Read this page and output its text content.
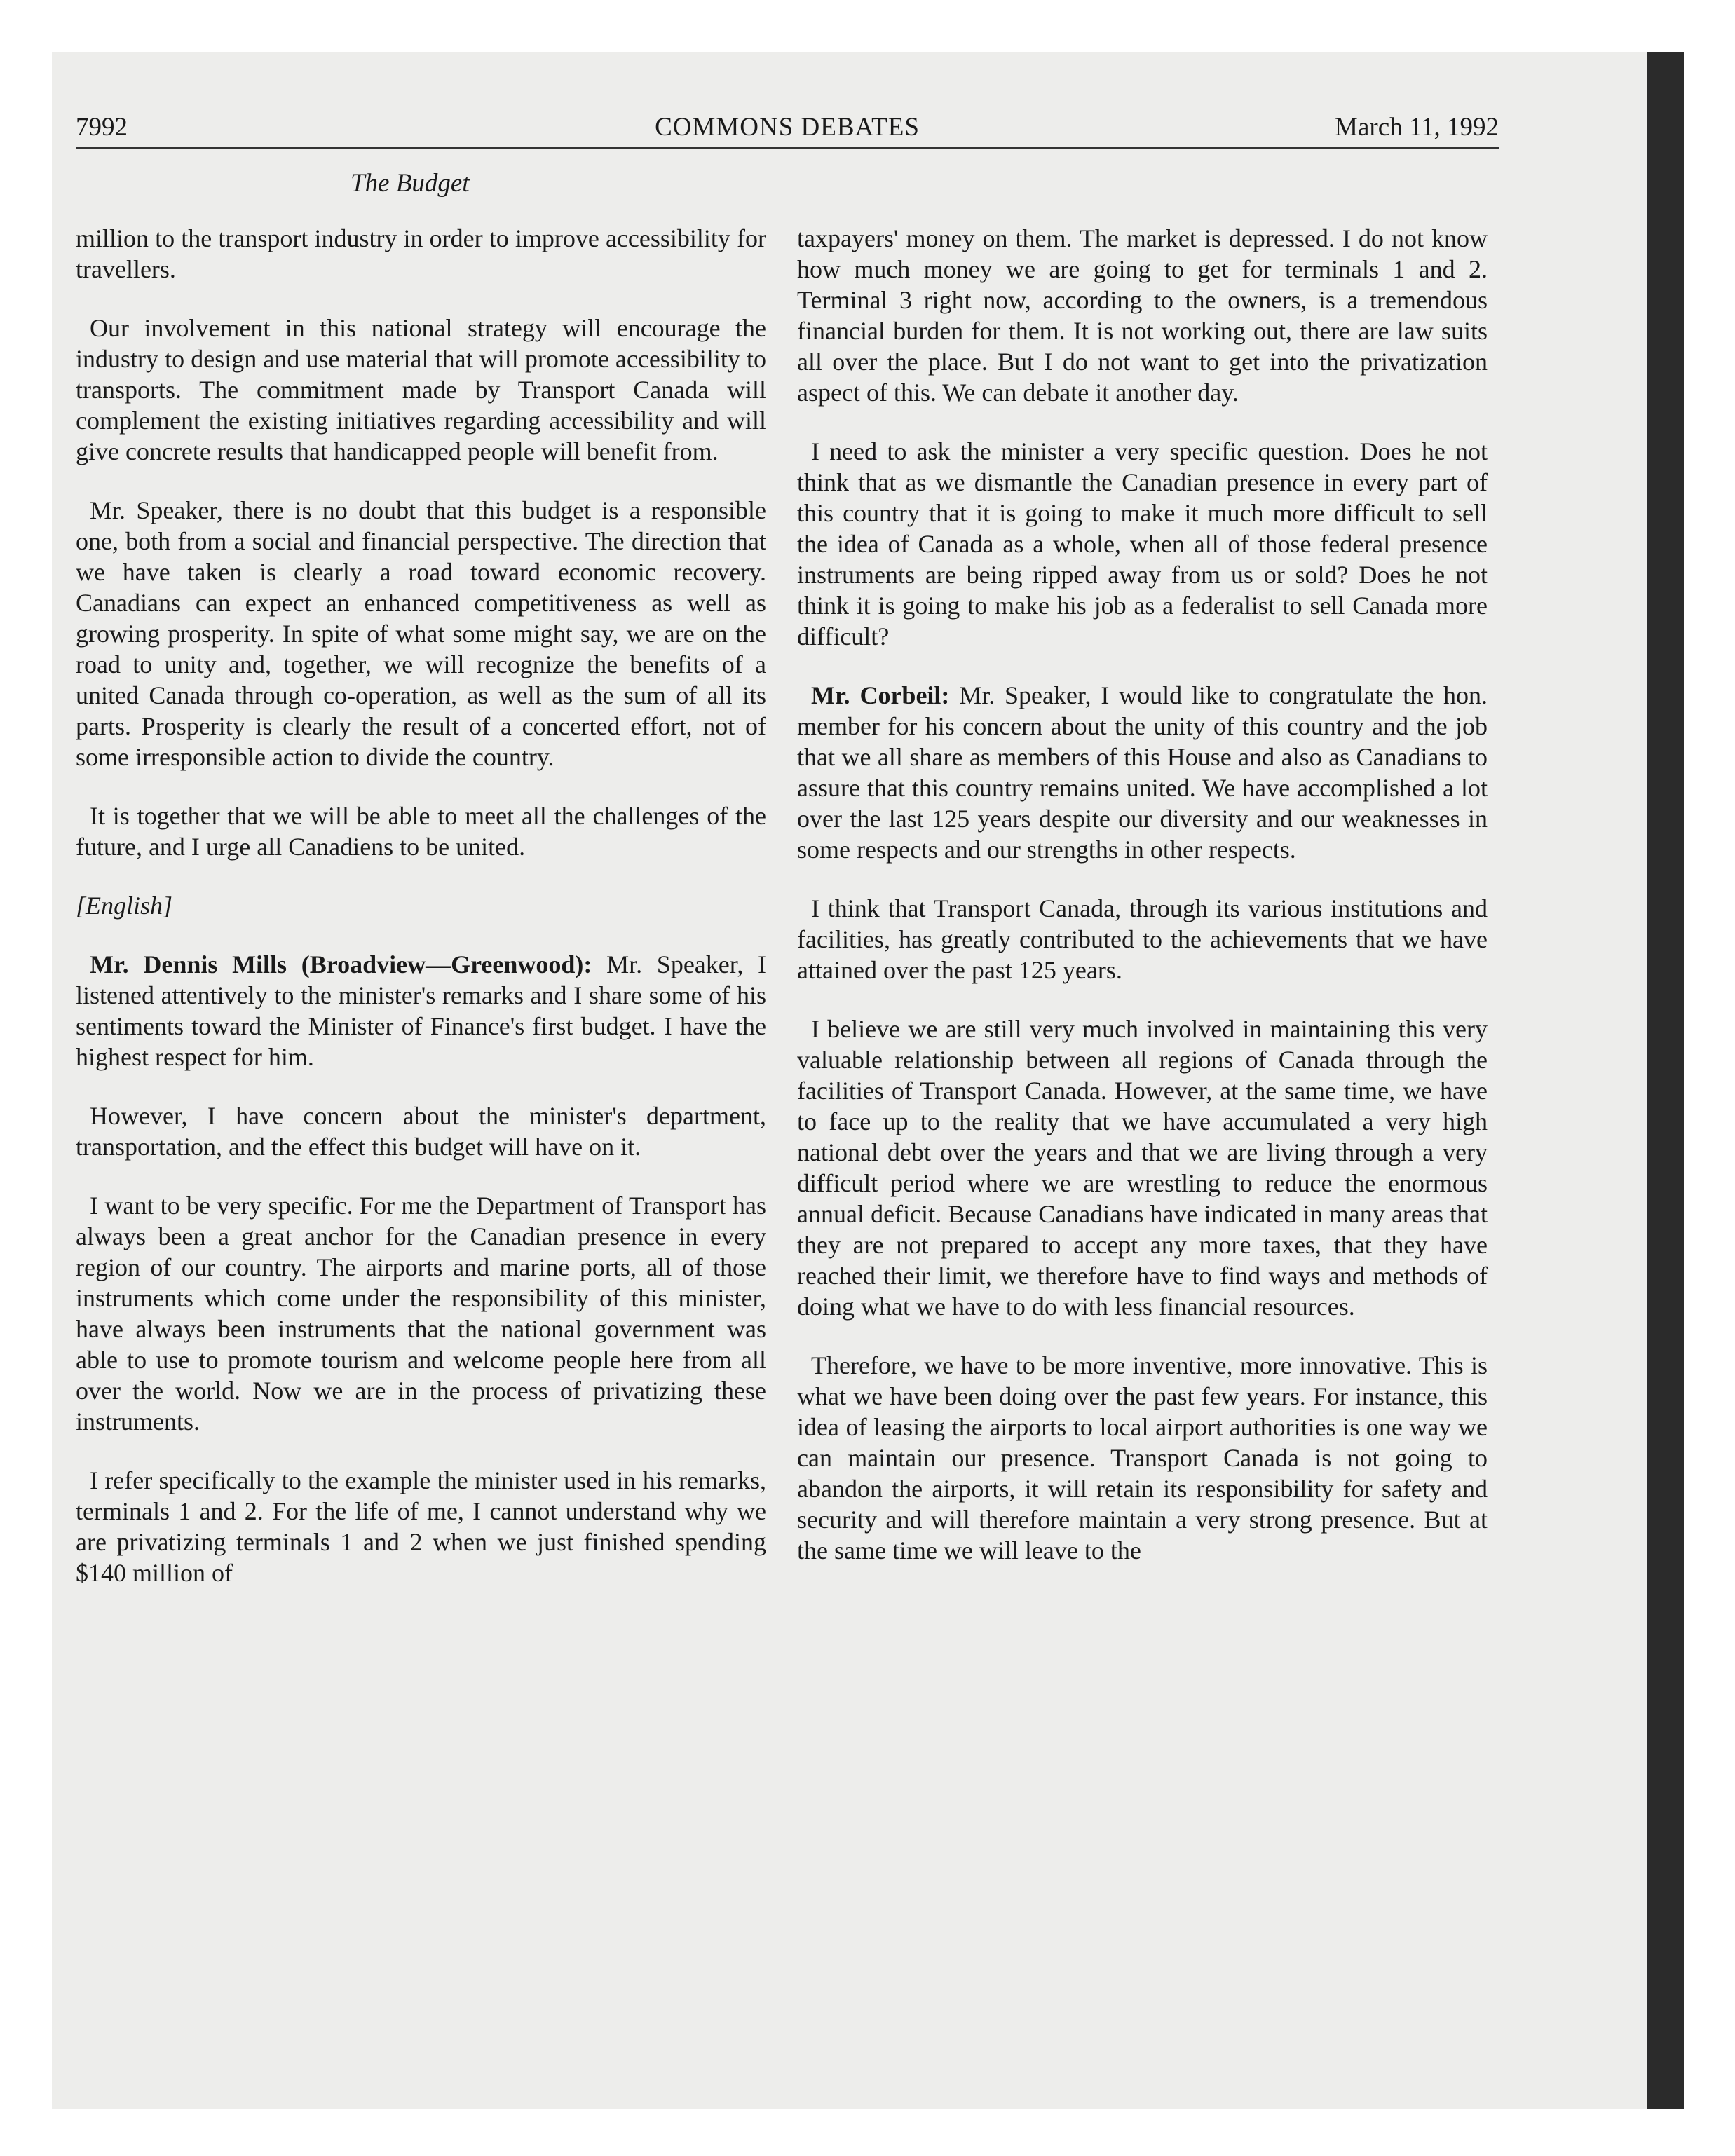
7992	COMMONS DEBATES	March 11, 1992
The Budget

million to the transport industry in order to improve accessibility for travellers.

Our involvement in this national strategy will encourage the industry to design and use material that will promote accessibility to transports. The commitment made by Transport Canada will complement the existing initiatives regarding accessibility and will give concrete results that handicapped people will benefit from.

Mr. Speaker, there is no doubt that this budget is a responsible one, both from a social and financial perspective. The direction that we have taken is clearly a road toward economic recovery. Canadians can expect an enhanced competitiveness as well as growing prosperity. In spite of what some might say, we are on the road to unity and, together, we will recognize the benefits of a united Canada through co-operation, as well as the sum of all its parts. Prosperity is clearly the result of a concerted effort, not of some irresponsible action to divide the country.

It is together that we will be able to meet all the challenges of the future, and I urge all Canadiens to be united.

[English]

Mr. Dennis Mills (Broadview—Greenwood): Mr. Speaker, I listened attentively to the minister's remarks and I share some of his sentiments toward the Minister of Finance's first budget. I have the highest respect for him.

However, I have concern about the minister's department, transportation, and the effect this budget will have on it.

I want to be very specific. For me the Department of Transport has always been a great anchor for the Canadian presence in every region of our country. The airports and marine ports, all of those instruments which come under the responsibility of this minister, have always been instruments that the national government was able to use to promote tourism and welcome people here from all over the world. Now we are in the process of privatizing these instruments.

I refer specifically to the example the minister used in his remarks, terminals 1 and 2. For the life of me, I cannot understand why we are privatizing terminals 1 and 2 when we just finished spending $140 million of

taxpayers' money on them. The market is depressed. I do not know how much money we are going to get for terminals 1 and 2. Terminal 3 right now, according to the owners, is a tremendous financial burden for them. It is not working out, there are law suits all over the place. But I do not want to get into the privatization aspect of this. We can debate it another day.

I need to ask the minister a very specific question. Does he not think that as we dismantle the Canadian presence in every part of this country that it is going to make it much more difficult to sell the idea of Canada as a whole, when all of those federal presence instruments are being ripped away from us or sold? Does he not think it is going to make his job as a federalist to sell Canada more difficult?

Mr. Corbeil: Mr. Speaker, I would like to congratulate the hon. member for his concern about the unity of this country and the job that we all share as members of this House and also as Canadians to assure that this country remains united. We have accomplished a lot over the last 125 years despite our diversity and our weaknesses in some respects and our strengths in other respects.

I think that Transport Canada, through its various institutions and facilities, has greatly contributed to the achievements that we have attained over the past 125 years.

I believe we are still very much involved in maintaining this very valuable relationship between all regions of Canada through the facilities of Transport Canada. However, at the same time, we have to face up to the reality that we have accumulated a very high national debt over the years and that we are living through a very difficult period where we are wrestling to reduce the enormous annual deficit. Because Canadians have indicated in many areas that they are not prepared to accept any more taxes, that they have reached their limit, we therefore have to find ways and methods of doing what we have to do with less financial resources.

Therefore, we have to be more inventive, more innovative. This is what we have been doing over the past few years. For instance, this idea of leasing the airports to local airport authorities is one way we can maintain our presence. Transport Canada is not going to abandon the airports, it will retain its responsibility for safety and security and will therefore maintain a very strong presence. But at the same time we will leave to the
